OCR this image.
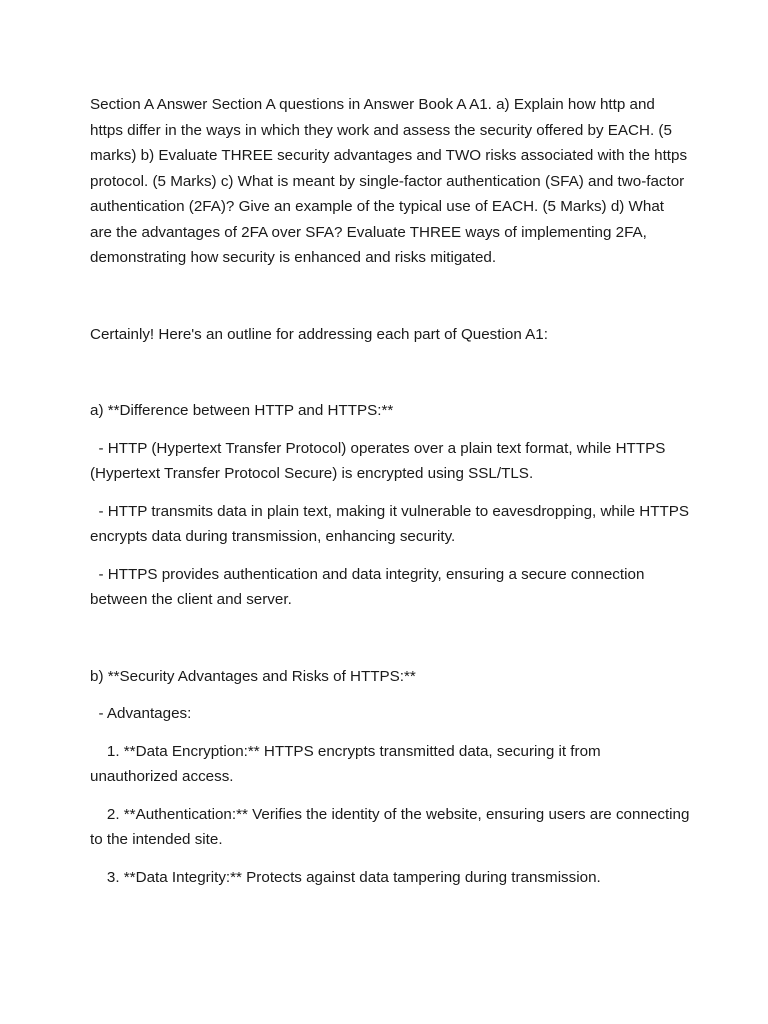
Section A Answer Section A questions in Answer Book A A1. a) Explain how http and https differ in the ways in which they work and assess the security offered by EACH. (5 marks) b) Evaluate THREE security advantages and TWO risks associated with the https protocol. (5 Marks) c) What is meant by single-factor authentication (SFA) and two-factor authentication (2FA)? Give an example of the typical use of EACH. (5 Marks) d) What are the advantages of 2FA over SFA? Evaluate THREE ways of implementing 2FA, demonstrating how security is enhanced and risks mitigated.

Certainly! Here's an outline for addressing each part of Question A1:

a) **Difference between HTTP and HTTPS:**

- HTTP (Hypertext Transfer Protocol) operates over a plain text format, while HTTPS (Hypertext Transfer Protocol Secure) is encrypted using SSL/TLS.

- HTTP transmits data in plain text, making it vulnerable to eavesdropping, while HTTPS encrypts data during transmission, enhancing security.

- HTTPS provides authentication and data integrity, ensuring a secure connection between the client and server.

b) **Security Advantages and Risks of HTTPS:**

- Advantages:

1. **Data Encryption:** HTTPS encrypts transmitted data, securing it from unauthorized access.

2. **Authentication:** Verifies the identity of the website, ensuring users are connecting to the intended site.

3. **Data Integrity:** Protects against data tampering during transmission.
